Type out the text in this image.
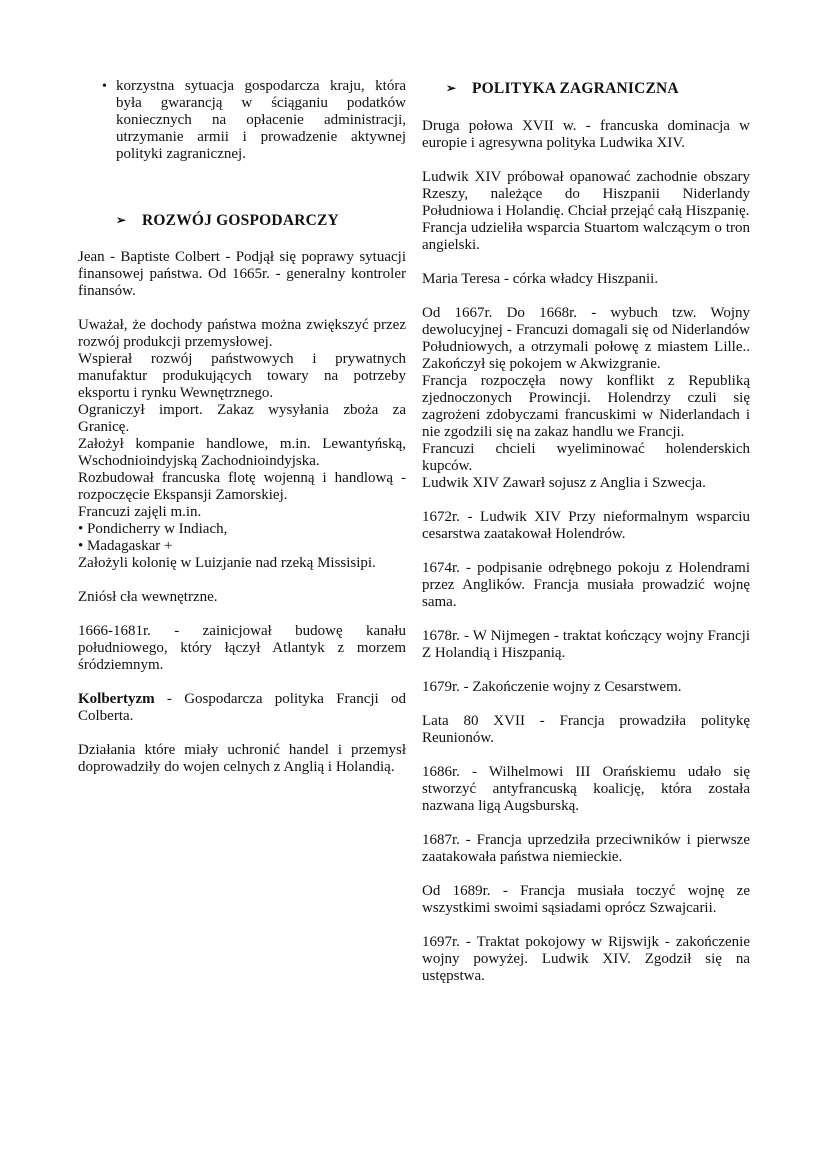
• korzystna sytuacja gospodarcza kraju, która była gwarancją w ściąganiu podatków koniecznych na opłacenie administracji, utrzymanie armii i prowadzenie aktywnej polityki zagranicznej.

➢ ROZWÓJ GOSPODARCZY

Jean - Baptiste Colbert - Podjął się poprawy sytuacji finansowej państwa. Od 1665r. - generalny kontroler finansów.

Uważał, że dochody państwa można zwiększyć przez rozwój produkcji przemysłowej.

Wspierał rozwój państwowych i prywatnych manufaktur produkujących towary na potrzeby eksportu i rynku Wewnętrznego.

Ograniczył import. Zakaz wysyłania zboża za Granicę.

Założył kompanie handlowe, m.in. Lewantyńską, Wschodnioindyjską Zachodnioindyjska.

Rozbudował francuska flotę wojenną i handlową - rozpoczęcie Ekspansji Zamorskiej.

Francuzi zajęli m.in.

• Pondicherry w Indiach,

• Madagaskar +

Założyli kolonię w Luizjanie nad rzeką Missisipi.

Zniósł cła wewnętrzne.

1666-1681r. - zainicjował budowę kanału południowego, który łączył Atlantyk z morzem śródziemnym.

Kolbertyzm - Gospodarcza polityka Francji od Colberta.

Działania które miały uchronić handel i przemysł doprowadziły do wojen celnych z Anglią i Holandią.

➢ POLITYKA ZAGRANICZNA

Druga połowa XVII w. - francuska dominacja w europie i agresywna polityka Ludwika XIV.

Ludwik XIV próbował opanować zachodnie obszary Rzeszy, należące do Hiszpanii Niderlandy Południowa i Holandię. Chciał przejąć całą Hiszpanię.

Francja udzieliła wsparcia Stuartom walczącym o tron angielski.

Maria Teresa - córka władcy Hiszpanii.

Od 1667r. Do 1668r. - wybuch tzw. Wojny dewolucyjnej - Francuzi domagali się od Niderlandów Południowych, a otrzymali połowę z miastem Lille.. Zakończył się pokojem w Akwizgranie.

Francja rozpoczęła nowy konflikt z Republiką zjednoczonych Prowincji. Holendrzy czuli się zagrożeni zdobyczami francuskimi w Niderlandach i nie zgodzili się na zakaz handlu we Francji.

Francuzi chcieli wyeliminować holenderskich kupców.

Ludwik XIV Zawarł sojusz z Anglia i Szwecja.

1672r. - Ludwik XIV Przy nieformalnym wsparciu cesarstwa zaatakował Holendrów.

1674r. - podpisanie odrębnego pokoju z Holendrami przez Anglików. Francja musiała prowadzić wojnę sama.

1678r. - W Nijmegen - traktat kończący wojny Francji Z Holandią i Hiszpanią.

1679r. - Zakończenie wojny z Cesarstwem.

Lata 80 XVII - Francja prowadziła politykę Reunionów.

1686r. - Wilhelmowi III Orańskiemu udało się stworzyć antyfrancuską koalicję, która została nazwana ligą Augsburską.

1687r. - Francja uprzedziła przeciwników i pierwsze zaatakowała państwa niemieckie.

Od 1689r. - Francja musiała toczyć wojnę ze wszystkimi swoimi sąsiadami oprócz Szwajcarii.

1697r. - Traktat pokojowy w Rijswijk - zakończenie wojny powyżej. Ludwik XIV. Zgodził się na ustępstwa.
